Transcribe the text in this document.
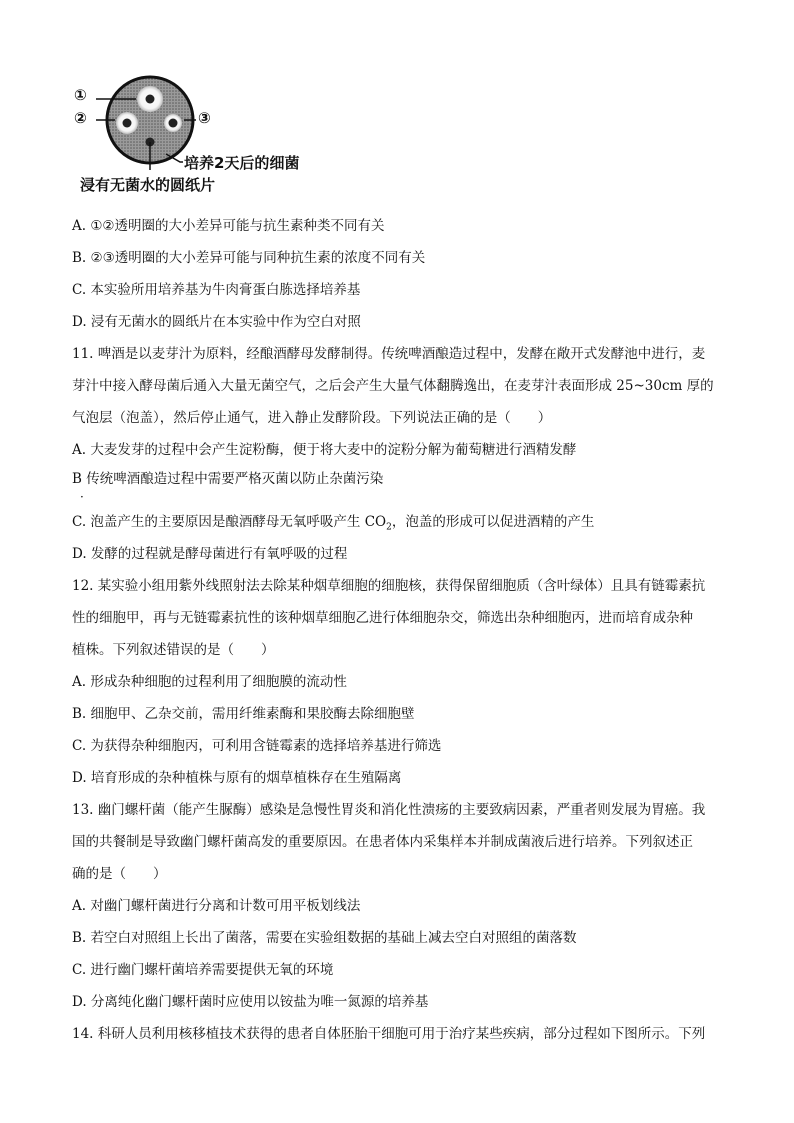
①
②	③
培养2天后的细菌
浸有无菌水的圆纸片

A. ①②透明圈的大小差异可能与抗生素种类不同有关

B. ②③透明圈的大小差异可能与同种抗生素的浓度不同有关

C. 本实验所用培养基为牛肉膏蛋白胨选择培养基

D. 浸有无菌水的圆纸片在本实验中作为空白对照

11. 啤酒是以麦芽汁为原料，经酿酒酵母发酵制得。传统啤酒酿造过程中，发酵在敞开式发酵池中进行，麦

芽汁中接入酵母菌后通入大量无菌空气，之后会产生大量气体翻腾逸出，在麦芽汁表面形成 25~30cm 厚的

气泡层（泡盖），然后停止通气，进入静止发酵阶段。下列说法正确的是（　　）

A. 大麦发芽的过程中会产生淀粉酶，便于将大麦中的淀粉分解为葡萄糖进行酒精发酵

B 传统啤酒酿造过程中需要严格灭菌以防止杂菌污染

·

C. 泡盖产生的主要原因是酿酒酵母无氧呼吸产生 $CO_2$，泡盖的形成可以促进酒精的产生

D. 发酵的过程就是酵母菌进行有氧呼吸的过程

12. 某实验小组用紫外线照射法去除某种烟草细胞的细胞核，获得保留细胞质（含叶绿体）且具有链霉素抗

性的细胞甲，再与无链霉素抗性的该种烟草细胞乙进行体细胞杂交，筛选出杂种细胞丙，进而培育成杂种

植株。下列叙述错误的是（　　）

A. 形成杂种细胞的过程利用了细胞膜的流动性

B. 细胞甲、乙杂交前，需用纤维素酶和果胶酶去除细胞壁

C. 为获得杂种细胞丙，可利用含链霉素的选择培养基进行筛选

D. 培育形成的杂种植株与原有的烟草植株存在生殖隔离

13. 幽门螺杆菌（能产生脲酶）感染是急慢性胃炎和消化性溃疡的主要致病因素，严重者则发展为胃癌。我

国的共餐制是导致幽门螺杆菌高发的重要原因。在患者体内采集样本并制成菌液后进行培养。下列叙述正

确的是（　　）

A. 对幽门螺杆菌进行分离和计数可用平板划线法

B. 若空白对照组上长出了菌落，需要在实验组数据的基础上减去空白对照组的菌落数

C. 进行幽门螺杆菌培养需要提供无氧的环境

D. 分离纯化幽门螺杆菌时应使用以铵盐为唯一氮源的培养基

14. 科研人员利用核移植技术获得的患者自体胚胎干细胞可用于治疗某些疾病，部分过程如下图所示。下列
